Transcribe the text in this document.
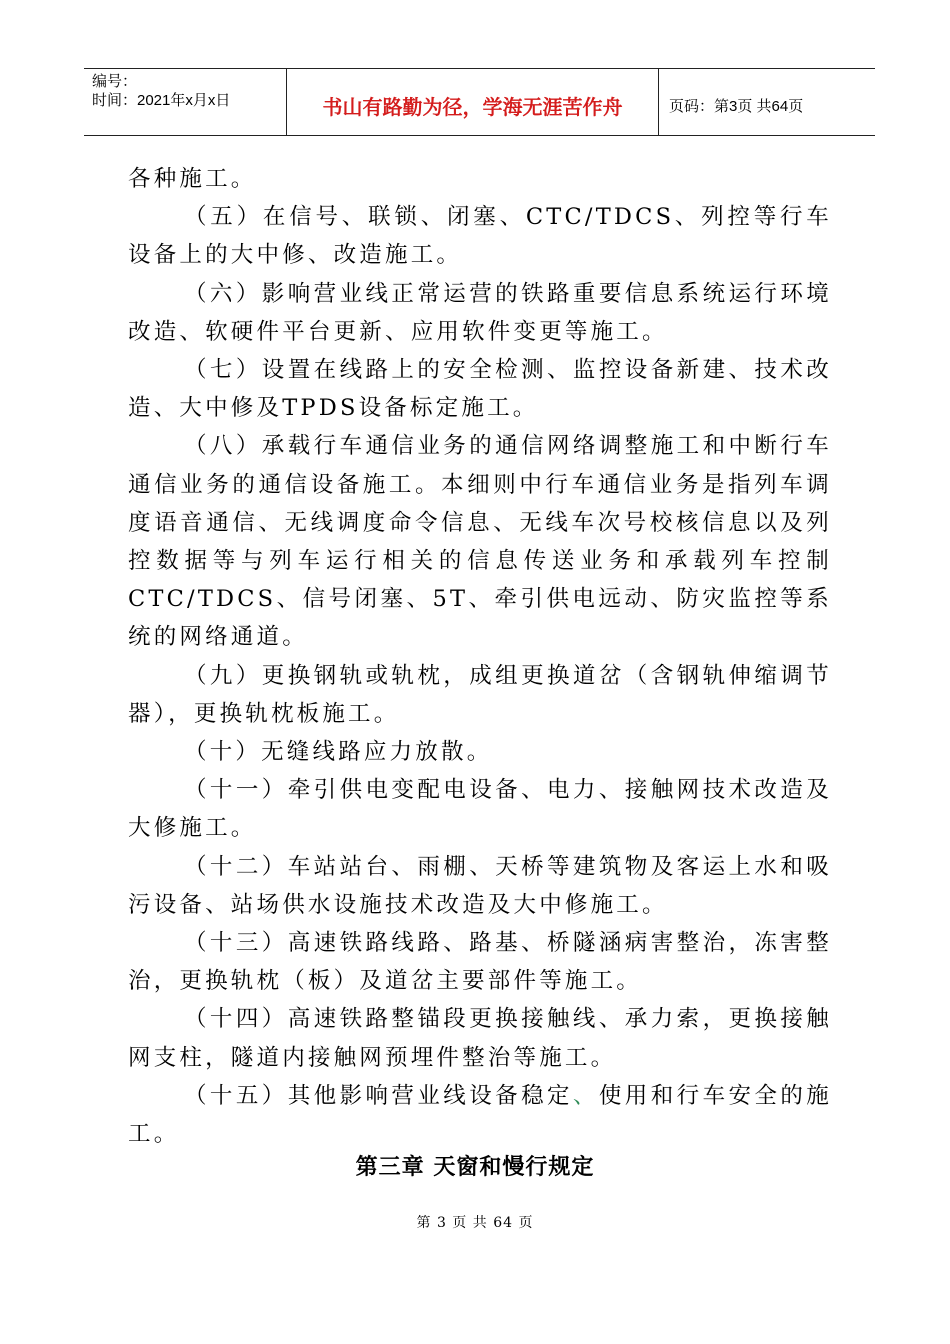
编号：
时间：2021年x月x日	书山有路勤为径，学海无涯苦作舟	页码：第3页 共64页

各种施工。

（五）在信号、联锁、闭塞、CTC/TDCS、列控等行车设备上的大中修、改造施工。

（六）影响营业线正常运营的铁路重要信息系统运行环境改造、软硬件平台更新、应用软件变更等施工。

（七）设置在线路上的安全检测、监控设备新建、技术改造、大中修及TPDS设备标定施工。

（八）承载行车通信业务的通信网络调整施工和中断行车通信业务的通信设备施工。本细则中行车通信业务是指列车调度语音通信、无线调度命令信息、无线车次号校核信息以及列控数据等与列车运行相关的信息传送业务和承载列车控制CTC/TDCS、信号闭塞、5T、牵引供电远动、防灾监控等系统的网络通道。

（九）更换钢轨或轨枕，成组更换道岔（含钢轨伸缩调节器），更换轨枕板施工。

（十）无缝线路应力放散。

（十一）牵引供电变配电设备、电力、接触网技术改造及大修施工。

（十二）车站站台、雨棚、天桥等建筑物及客运上水和吸污设备、站场供水设施技术改造及大中修施工。

（十三）高速铁路线路、路基、桥隧涵病害整治，冻害整治，更换轨枕（板）及道岔主要部件等施工。

（十四）高速铁路整锚段更换接触线、承力索，更换接触网支柱，隧道内接触网预埋件整治等施工。

（十五）其他影响营业线设备稳定、使用和行车安全的施工。

第三章 天窗和慢行规定
第 3 页 共 64 页
